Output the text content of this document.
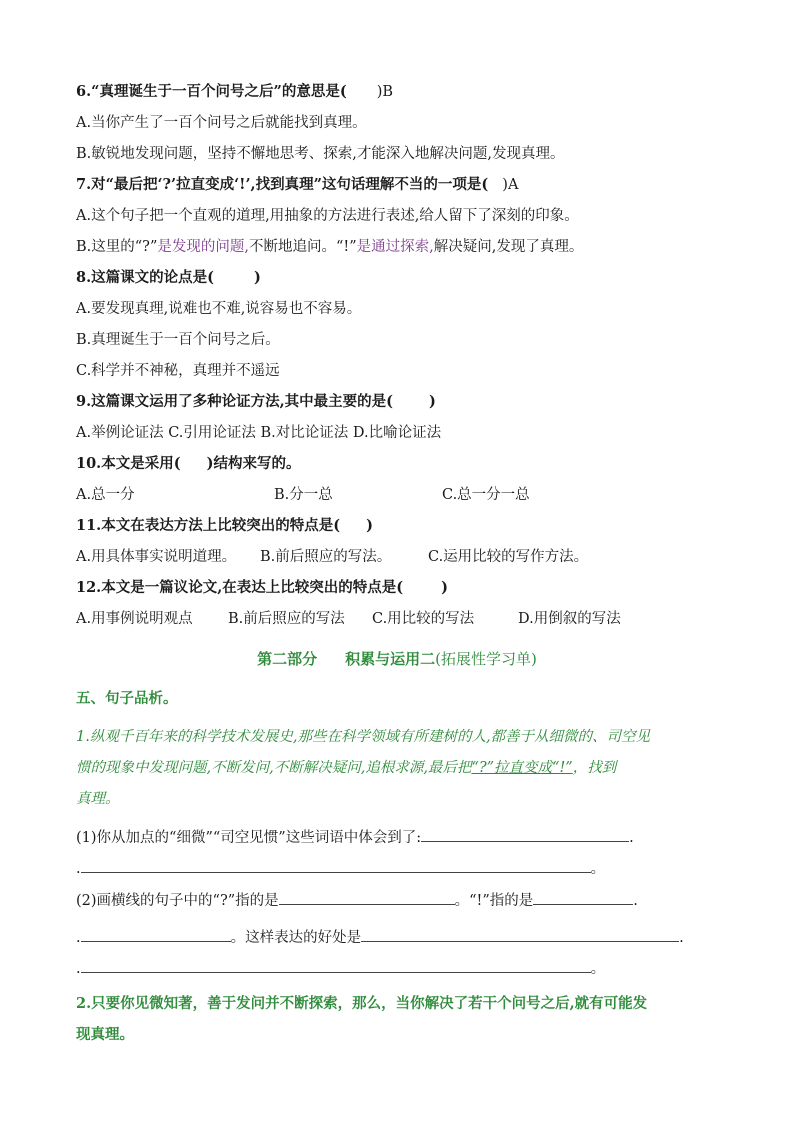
6.“真理诞生于一百个问号之后”的意思是( )B
A.当你产生了一百个问号之后就能找到真理。
B.敏锐地发现问题，坚持不懈地思考、探索,才能深入地解决问题,发现真理。
7.对“最后把‘?’拉直变成‘!’,找到真理”这句话理解不当的一项是( )A
A.这个句子把一个直观的道理,用抽象的方法进行表述,给人留下了深刻的印象。
B.这里的“?”是发现的问题,不断地追问。“!”是通过探索,解决疑问,发现了真理。
8.这篇课文的论点是(	)
A.要发现真理,说难也不难,说容易也不容易。
B.真理诞生于一百个问号之后。
C.科学并不神秘，真理并不遥远
9.这篇课文运用了多种论证方法,其中最主要的是( )
A.举例论证法 C.引用论证法 B.对比论证法 D.比喻论证法
10.本文是采用( )结构来写的。
A.总一分	B.分一总	C.总一分一总
11.本文在表达方法上比较突出的特点是( )
A.用具体事实说明道理。 B.前后照应的写法。	C.运用比较的写作方法。
12.本文是一篇议论文,在表达上比较突出的特点是(	)
A.用事例说明观点 B.前后照应的写法 C.用比较的写法	D.用倒叙的写法
第二部分 积累与运用二(拓展性学习单)
五、句子品析。
1.纵观千百年来的科学技术发展史,那些在科学领域有所建树的人,都善于从细微的、司空见
惯的现象中发现问题,不断发问,不断解决疑问,追根求源,最后把“?”拉直变成“!”，找到
真理。
(1)你从加点的“细微”“司空见惯”这些词语中体会到了:	.
.	。
(2)画横线的句子中的“?”指的是	。“!”指的是	.
.	。这样表达的好处是	.
.	。
2.只要你见微知著，善于发问并不断探索，那么，当你解决了若干个问号之后,就有可能发
现真理。
